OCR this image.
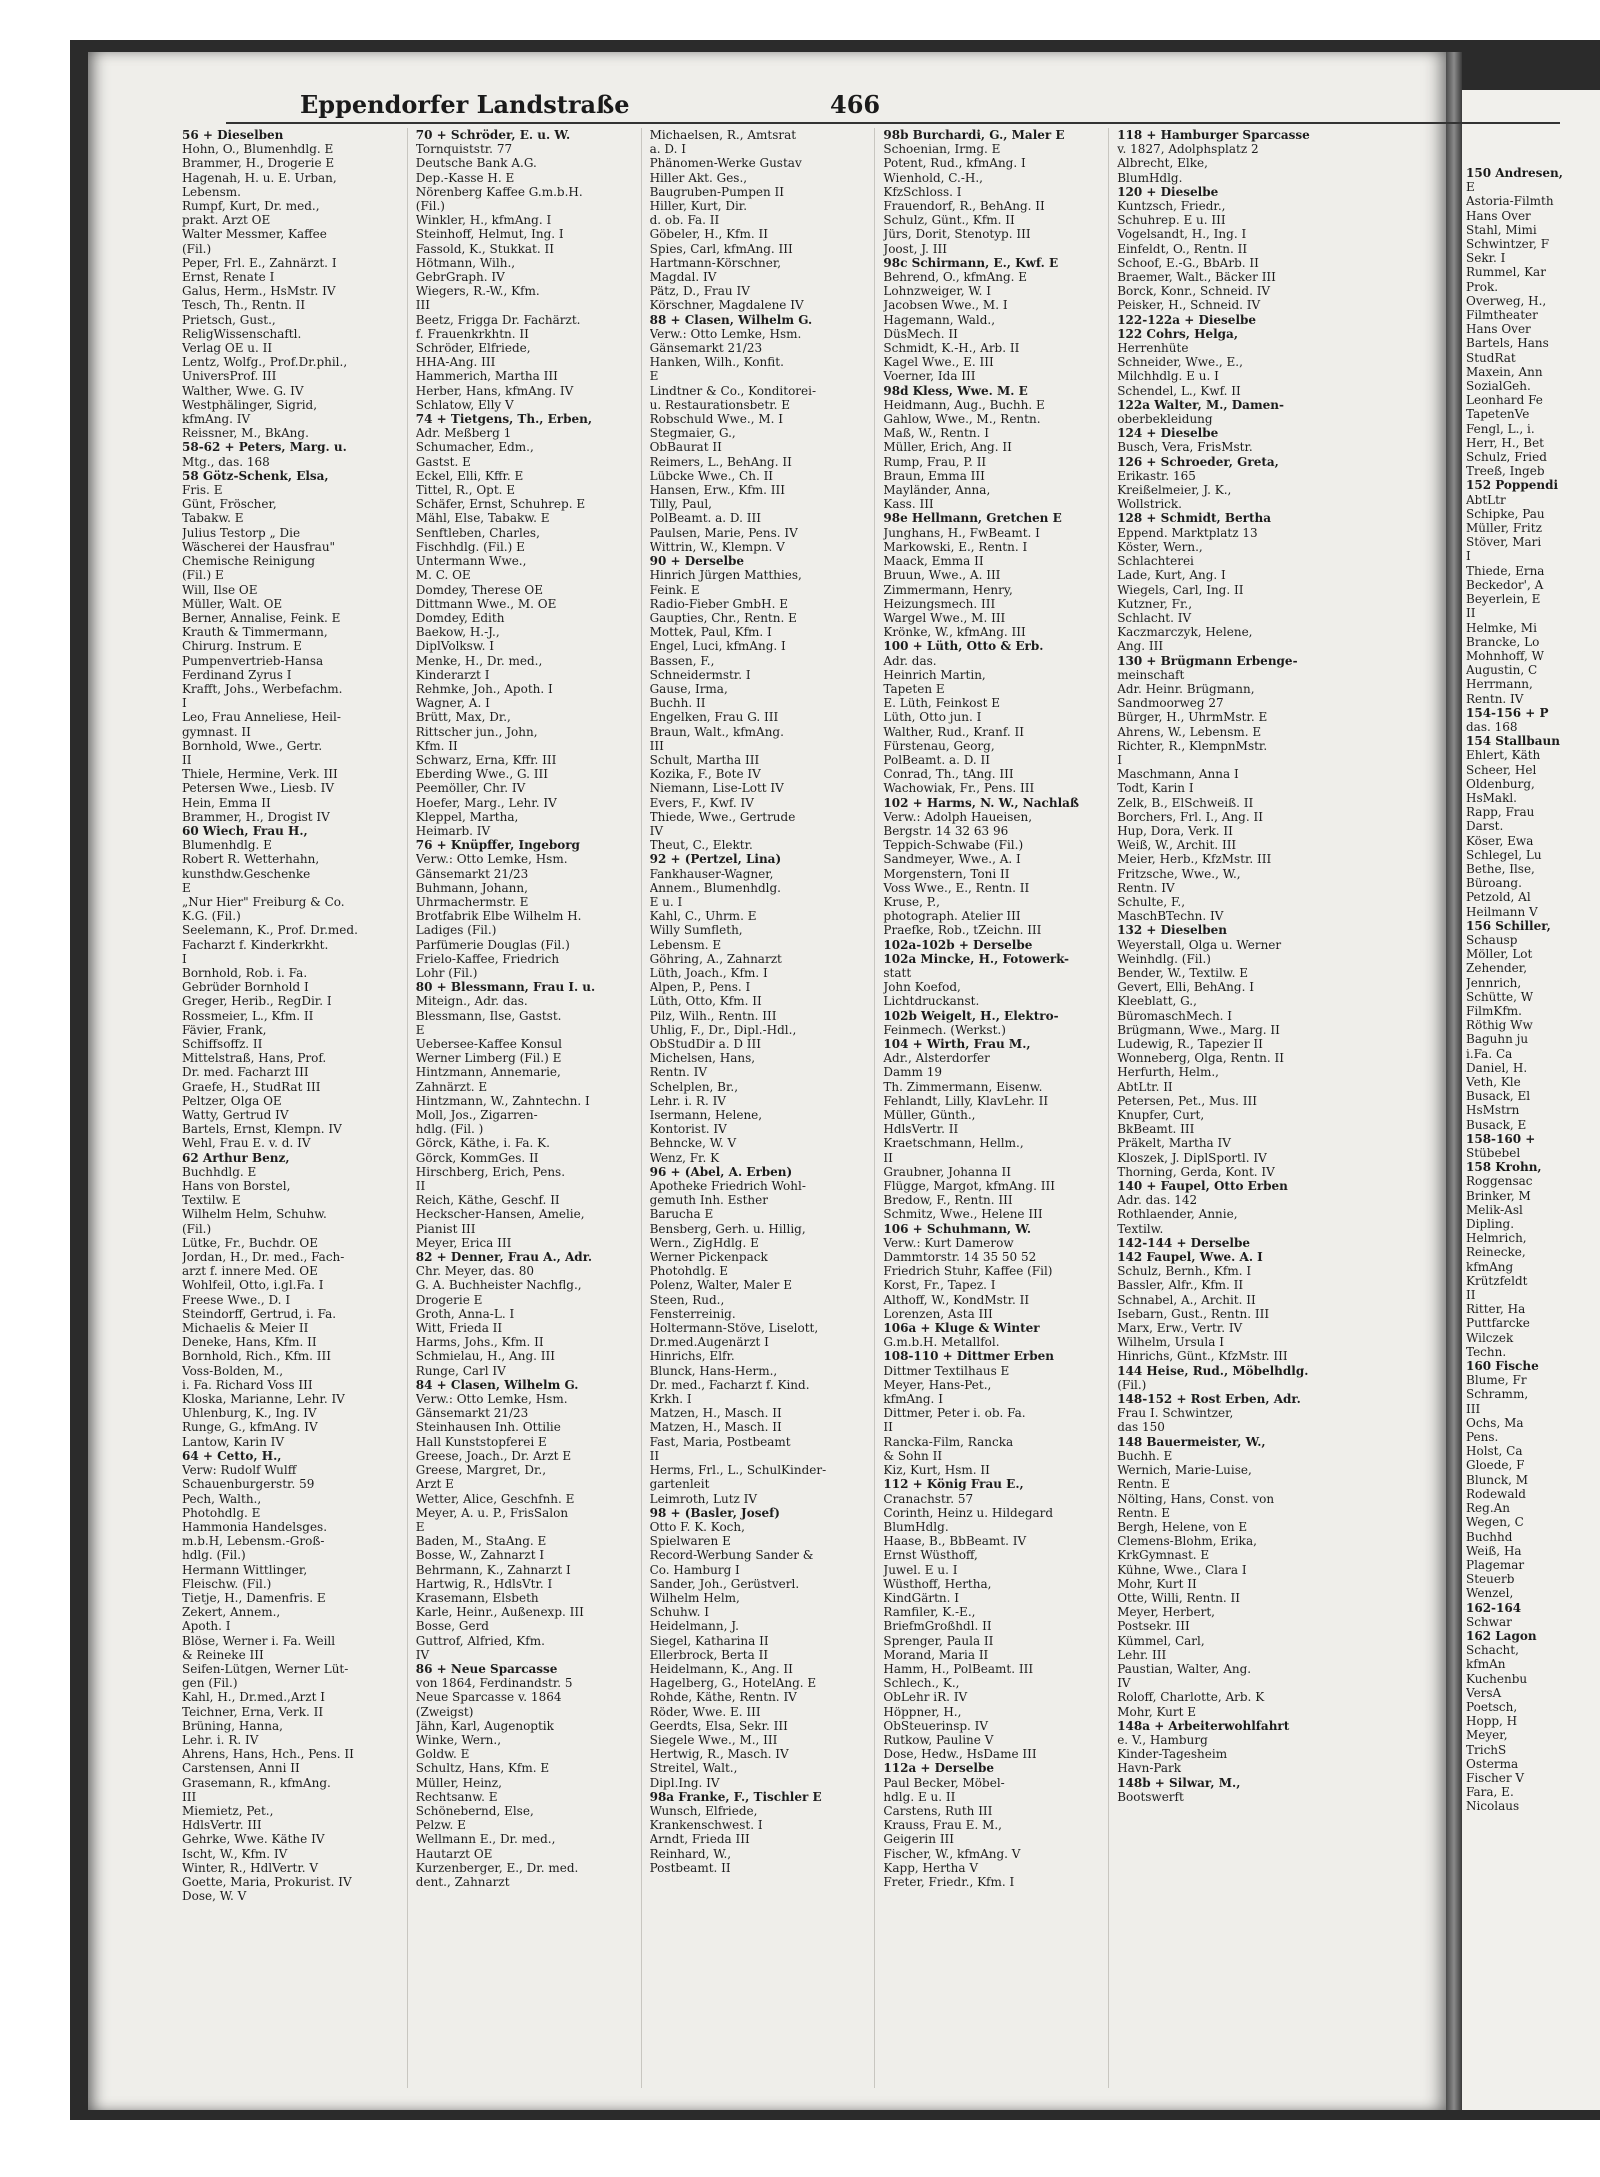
150 Andresen,
E
Astoria-Filmth
Hans Over
Stahl, Mimi
Schwintzer, F
Sekr. I
Rummel, Kar
Prok.
Overweg, H.,
Filmtheater
Hans Over
Bartels, Hans
StudRat
Maxein, Ann
SozialGeh.
Leonhard Fe
TapetenVe
Fengl, L., i.
Herr, H., Bet
Schulz, Fried
Treeß, Ingeb
152 Poppendi
AbtLtr
Schipke, Pau
Müller, Fritz
Stöver, Mari
I
Thiede, Erna
Beckedor', A
Beyerlein, E
II
Helmke, Mi
Brancke, Lo
Mohnhoff, W
Augustin, C
Herrmann,
Rentn. IV
154-156 + P
das. 168
154 Stallbaun
Ehlert, Käth
Scheer, Hel
Oldenburg,
HsMakl.
Rapp, Frau
Darst.
Köser, Ewa
Schlegel, Lu
Bethe, Ilse,
Büroang.
Petzold, Al
Heilmann V
156 Schiller,
Schausp
Möller, Lot
Zehender,
Jennrich,
Schütte, W
FilmKfm.
Röthig Ww
Baguhn ju
i.Fa. Ca
Daniel, H.
Veth, Kle
Busack, El
HsMstrn
Busack, E
158-160 +
Stübebel
158 Krohn,
Roggensac
Brinker, M
Melik-Asl
Dipling.
Helmrich,
Reinecke,
kfmAng
Krützfeldt
II
Ritter, Ha
Puttfarcke
Wilczek
Techn.
160 Fische
Blume, Fr
Schramm,
III
Ochs, Ma
Pens.
Holst, Ca
Gloede, F
Blunck, M
Rodewald
Reg.An
Wegen, C
Buchhd
Weiß, Ha
Plagemar
Steuerb
Wenzel,
162-164
Schwar
162 Lagon
Schacht,
kfmAn
Kuchenbu
VersA
Poetsch,
Hopp, H
Meyer,
TrichS
Osterma
Fischer V
Fara, E.
Nicolaus
Eppendorfer Landstraße	466
56 + Dieselben
Hohn, O., Blumenhdlg. E
Brammer, H., Drogerie E
Hagenah, H. u. E. Urban,
Lebensm.
Rumpf, Kurt, Dr. med.,
prakt. Arzt OE
Walter Messmer, Kaffee
(Fil.)
Peper, Frl. E., Zahnärzt. I
Ernst, Renate I
Galus, Herm., HsMstr. IV
Tesch, Th., Rentn. II
Prietsch, Gust.,
ReligWissenschaftl.
Verlag OE u. II
Lentz, Wolfg., Prof.Dr.phil.,
UniversProf. III
Walther, Wwe. G. IV
Westphälinger, Sigrid,
kfmAng. IV
Reissner, M., BkAng.
58-62 + Peters, Marg. u.
Mtg., das. 168
58 Götz-Schenk, Elsa,
Fris. E
Günt, Fröscher,
Tabakw. E
Julius Testorp „ Die
Wäscherei der Hausfrau"
Chemische Reinigung
(Fil.) E
Will, Ilse OE
Müller, Walt. OE
Berner, Annalise, Feink. E
Krauth & Timmermann,
Chirurg. Instrum. E
Pumpenvertrieb-Hansa
Ferdinand Zyrus I
Krafft, Johs., Werbefachm.
I
Leo, Frau Anneliese, Heil-
gymnast. II
Bornhold, Wwe., Gertr.
II
Thiele, Hermine, Verk. III
Petersen Wwe., Liesb. IV
Hein, Emma II
Brammer, H., Drogist IV
60 Wiech, Frau H.,
Blumenhdlg. E
Robert R. Wetterhahn,
kunsthdw.Geschenke
E
„Nur Hier" Freiburg & Co.
K.G. (Fil.)
Seelemann, K., Prof. Dr.med.
Facharzt f. Kinderkrkht.
I
Bornhold, Rob. i. Fa.
Gebrüder Bornhold I
Greger, Herib., RegDir. I
Rossmeier, L., Kfm. II
Fävier, Frank,
Schiffsoffz. II
Mittelstraß, Hans, Prof.
Dr. med. Facharzt III
Graefe, H., StudRat III
Peltzer, Olga OE
Watty, Gertrud IV
Bartels, Ernst, Klempn. IV
Wehl, Frau E. v. d. IV
62 Arthur Benz,
Buchhdlg. E
Hans von Borstel,
Textilw. E
Wilhelm Helm, Schuhw.
(Fil.)
Lütke, Fr., Buchdr. OE
Jordan, H., Dr. med., Fach-
arzt f. innere Med. OE
Wohlfeil, Otto, i.gl.Fa. I
Freese Wwe., D. I
Steindorff, Gertrud, i. Fa.
Michaelis & Meier II
Deneke, Hans, Kfm. II
Bornhold, Rich., Kfm. III
Voss-Bolden, M.,
i. Fa. Richard Voss III
Kloska, Marianne, Lehr. IV
Uhlenburg, K., Ing. IV
Runge, G., kfmAng. IV
Lantow, Karin IV
64 + Cetto, H.,
Verw: Rudolf Wulff
Schauenburgerstr. 59
Pech, Walth.,
Photohdlg. E
Hammonia Handelsges.
m.b.H, Lebensm.-Groß-
hdlg. (Fil.)
Hermann Wittlinger,
Fleischw. (Fil.)
Tietje, H., Damenfris. E
Zekert, Annem.,
Apoth. I
Blöse, Werner i. Fa. Weill
& Reineke III
Seifen-Lütgen, Werner Lüt-
gen (Fil.)
Kahl, H., Dr.med.,Arzt I
Teichner, Erna, Verk. II
Brüning, Hanna,
Lehr. i. R. IV
Ahrens, Hans, Hch., Pens. II
Carstensen, Anni II
Grasemann, R., kfmAng.
III
Miemietz, Pet.,
HdlsVertr. III
Gehrke, Wwe. Käthe IV
Ischt, W., Kfm. IV
Winter, R., HdlVertr. V
Goette, Maria, Prokurist. IV
Dose, W. V
70 + Schröder, E. u. W.
Tornquiststr. 77
Deutsche Bank A.G.
Dep.-Kasse H. E
Nörenberg Kaffee G.m.b.H.
(Fil.)
Winkler, H., kfmAng. I
Steinhoff, Helmut, Ing. I
Fassold, K., Stukkat. II
Hötmann, Wilh.,
GebrGraph. IV
Wiegers, R.-W., Kfm.
III
Beetz, Frigga Dr. Fachärzt.
f. Frauenkrkhtn. II
Schröder, Elfriede,
HHA-Ang. III
Hammerich, Martha III
Herber, Hans, kfmAng. IV
Schlatow, Elly V
74 + Tietgens, Th., Erben,
Adr. Meßberg 1
Schumacher, Edm.,
Gastst. E
Eckel, Elli, Kffr. E
Tittel, R., Opt. E
Schäfer, Ernst, Schuhrep. E
Mähl, Else, Tabakw. E
Senftleben, Charles,
Fischhdlg. (Fil.) E
Untermann Wwe.,
M. C. OE
Domdey, Therese OE
Dittmann Wwe., M. OE
Domdey, Edith
Baekow, H.-J.,
DiplVolksw. I
Menke, H., Dr. med.,
Kinderarzt I
Rehmke, Joh., Apoth. I
Wagner, A. I
Brütt, Max, Dr.,
Rittscher jun., John,
Kfm. II
Schwarz, Erna, Kffr. III
Eberding Wwe., G. III
Peemöller, Chr. IV
Hoefer, Marg., Lehr. IV
Kleppel, Martha,
Heimarb. IV
76 + Knüpffer, Ingeborg
Verw.: Otto Lemke, Hsm.
Gänsemarkt 21/23
Buhmann, Johann,
Uhrmachermstr. E
Brotfabrik Elbe Wilhelm H.
Ladiges (Fil.)
Parfümerie Douglas (Fil.)
Frielo-Kaffee, Friedrich
Lohr (Fil.)
80 + Blessmann, Frau I. u.
Miteign., Adr. das.
Blessmann, Ilse, Gastst.
E
Uebersee-Kaffee Konsul
Werner Limberg (Fil.) E
Hintzmann, Annemarie,
Zahnärzt. E
Hintzmann, W., Zahntechn. I
Moll, Jos., Zigarren-
hdlg. (Fil. )
Görck, Käthe, i. Fa. K.
Görck, KommGes. II
Hirschberg, Erich, Pens.
II
Reich, Käthe, Geschf. II
Heckscher-Hansen, Amelie,
Pianist III
Meyer, Erica III
82 + Denner, Frau A., Adr.
Chr. Meyer, das. 80
G. A. Buchheister Nachflg.,
Drogerie E
Groth, Anna-L. I
Witt, Frieda II
Harms, Johs., Kfm. II
Schmielau, H., Ang. III
Runge, Carl IV
84 + Clasen, Wilhelm G.
Verw.: Otto Lemke, Hsm.
Gänsemarkt 21/23
Steinhausen Inh. Ottilie
Hall Kunststopferei E
Greese, Joach., Dr. Arzt E
Greese, Margret, Dr.,
Arzt E
Wetter, Alice, Geschfnh. E
Meyer, A. u. P., FrisSalon
E
Baden, M., StaAng. E
Bosse, W., Zahnarzt I
Behrmann, K., Zahnarzt I
Hartwig, R., HdlsVtr. I
Krasemann, Elsbeth
Karle, Heinr., Außenexp. III
Bosse, Gerd
Guttrof, Alfried, Kfm.
IV
86 + Neue Sparcasse
von 1864, Ferdinandstr. 5
Neue Sparcasse v. 1864
(Zweigst)
Jähn, Karl, Augenoptik
Winke, Wern.,
Goldw. E
Schultz, Hans, Kfm. E
Müller, Heinz,
Rechtsanw. E
Schönebernd, Else,
Pelzw. E
Wellmann E., Dr. med.,
Hautarzt OE
Kurzenberger, E., Dr. med.
dent., Zahnarzt
Michaelsen, R., Amtsrat
a. D. I
Phänomen-Werke Gustav
Hiller Akt. Ges.,
Baugruben-Pumpen II
Hiller, Kurt, Dir.
d. ob. Fa. II
Göbeler, H., Kfm. II
Spies, Carl, kfmAng. III
Hartmann-Körschner,
Magdal. IV
Pätz, D., Frau IV
Körschner, Magdalene IV
88 + Clasen, Wilhelm G.
Verw.: Otto Lemke, Hsm.
Gänsemarkt 21/23
Hanken, Wilh., Konfit.
E
Lindtner & Co., Konditorei-
u. Restaurationsbetr. E
Robschuld Wwe., M. I
Stegmaier, G.,
ObBaurat II
Reimers, L., BehAng. II
Lübcke Wwe., Ch. II
Hansen, Erw., Kfm. III
Tilly, Paul,
PolBeamt. a. D. III
Paulsen, Marie, Pens. IV
Wittrin, W., Klempn. V
90 + Derselbe
Hinrich Jürgen Matthies,
Feink. E
Radio-Fieber GmbH. E
Gaupties, Chr., Rentn. E
Mottek, Paul, Kfm. I
Engel, Luci, kfmAng. I
Bassen, F.,
Schneidermstr. I
Gause, Irma,
Buchh. II
Engelken, Frau G. III
Braun, Walt., kfmAng.
III
Schult, Martha III
Kozika, F., Bote IV
Niemann, Lise-Lott IV
Evers, F., Kwf. IV
Thiede, Wwe., Gertrude
IV
Theut, C., Elektr.
92 + (Pertzel, Lina)
Fankhauser-Wagner,
Annem., Blumenhdlg.
E u. I
Kahl, C., Uhrm. E
Willy Sumfleth,
Lebensm. E
Göhring, A., Zahnarzt
Lüth, Joach., Kfm. I
Alpen, P., Pens. I
Lüth, Otto, Kfm. II
Pilz, Wilh., Rentn. III
Uhlig, F., Dr., Dipl.-Hdl.,
ObStudDir a. D III
Michelsen, Hans,
Rentn. IV
Schelplen, Br.,
Lehr. i. R. IV
Isermann, Helene,
Kontorist. IV
Behncke, W. V
Wenz, Fr. K
96 + (Abel, A. Erben)
Apotheke Friedrich Wohl-
gemuth Inh. Esther
Barucha E
Bensberg, Gerh. u. Hillig,
Wern., ZigHdlg. E
Werner Pickenpack
Photohdlg. E
Polenz, Walter, Maler E
Steen, Rud.,
Fensterreinig.
Holtermann-Stöve, Liselott,
Dr.med.Augenärzt I
Hinrichs, Elfr.
Blunck, Hans-Herm.,
Dr. med., Facharzt f. Kind.
Krkh. I
Matzen, H., Masch. II
Matzen, H., Masch. II
Fast, Maria, Postbeamt
II
Herms, Frl., L., SchulKinder-
gartenleit
Leimroth, Lutz IV
98 + (Basler, Josef)
Otto F. K. Koch,
Spielwaren E
Record-Werbung Sander &
Co. Hamburg I
Sander, Joh., Gerüstverl.
Wilhelm Helm,
Schuhw. I
Heidelmann, J.
Siegel, Katharina II
Ellerbrock, Berta II
Heidelmann, K., Ang. II
Hagelberg, G., HotelAng. E
Rohde, Käthe, Rentn. IV
Röder, Wwe. E. III
Geerdts, Elsa, Sekr. III
Siegele Wwe., M., III
Hertwig, R., Masch. IV
Streitel, Walt.,
Dipl.Ing. IV
98a Franke, F., Tischler E
Wunsch, Elfriede,
Krankenschwest. I
Arndt, Frieda III
Reinhard, W.,
Postbeamt. II
98b Burchardi, G., Maler E
Schoenian, Irmg. E
Potent, Rud., kfmAng. I
Wienhold, C.-H.,
KfzSchloss. I
Frauendorf, R., BehAng. II
Schulz, Günt., Kfm. II
Jürs, Dorit, Stenotyp. III
Joost, J. III
98c Schirmann, E., Kwf. E
Behrend, O., kfmAng. E
Lohnzweiger, W. I
Jacobsen Wwe., M. I
Hagemann, Wald.,
DüsMech. II
Schmidt, K.-H., Arb. II
Kagel Wwe., E. III
Voerner, Ida III
98d Kless, Wwe. M. E
Heidmann, Aug., Buchh. E
Gahlow, Wwe., M., Rentn.
Maß, W., Rentn. I
Müller, Erich, Ang. II
Rump, Frau, P. II
Braun, Emma III
Mayländer, Anna,
Kass. III
98e Hellmann, Gretchen E
Junghans, H., FwBeamt. I
Markowski, E., Rentn. I
Maack, Emma II
Bruun, Wwe., A. III
Zimmermann, Henry,
Heizungsmech. III
Wargel Wwe., M. III
Krönke, W., kfmAng. III
100 + Lüth, Otto & Erb.
Adr. das.
Heinrich Martin,
Tapeten E
E. Lüth, Feinkost E
Lüth, Otto jun. I
Walther, Rud., Kranf. II
Fürstenau, Georg,
PolBeamt. a. D. II
Conrad, Th., tAng. III
Wachowiak, Fr., Pens. III
102 + Harms, N. W., Nachlaß
Verw.: Adolph Haueisen,
Bergstr. 14 32 63 96
Teppich-Schwabe (Fil.)
Sandmeyer, Wwe., A. I
Morgenstern, Toni II
Voss Wwe., E., Rentn. II
Kruse, P.,
photograph. Atelier III
Praefke, Rob., tZeichn. III
102a-102b + Derselbe
102a Mincke, H., Fotowerk-
statt
John Koefod,
Lichtdruckanst.
102b Weigelt, H., Elektro-
Feinmech. (Werkst.)
104 + Wirth, Frau M.,
Adr., Alsterdorfer
Damm 19
Th. Zimmermann, Eisenw.
Fehlandt, Lilly, KlavLehr. II
Müller, Günth.,
HdlsVertr. II
Kraetschmann, Hellm.,
II
Graubner, Johanna II
Flügge, Margot, kfmAng. III
Bredow, F., Rentn. III
Schmitz, Wwe., Helene III
106 + Schuhmann, W.
Verw.: Kurt Damerow
Dammtorstr. 14 35 50 52
Friedrich Stuhr, Kaffee (Fil)
Korst, Fr., Tapez. I
Althoff, W., KondMstr. II
Lorenzen, Asta III
106a + Kluge & Winter
G.m.b.H. Metallfol.
108-110 + Dittmer Erben
Dittmer Textilhaus E
Meyer, Hans-Pet.,
kfmAng. I
Dittmer, Peter i. ob. Fa.
II
Rancka-Film, Rancka
& Sohn II
Kiz, Kurt, Hsm. II
112 + König Frau E.,
Cranachstr. 57
Corinth, Heinz u. Hildegard
BlumHdlg.
Haase, B., BbBeamt. IV
Ernst Wüsthoff,
Juwel. E u. I
Wüsthoff, Hertha,
KindGärtn. I
Ramfiler, K.-E.,
BriefmGroßhdl. II
Sprenger, Paula II
Morand, Maria II
Hamm, H., PolBeamt. III
Schlech., K.,
ObLehr iR. IV
Höppner, H.,
ObSteuerinsp. IV
Rutkow, Pauline V
Dose, Hedw., HsDame III
112a + Derselbe
Paul Becker, Möbel-
hdlg. E u. II
Carstens, Ruth III
Krauss, Frau E. M.,
Geigerin III
Fischer, W., kfmAng. V
Kapp, Hertha V
Freter, Friedr., Kfm. I
118 + Hamburger Sparcasse
v. 1827, Adolphsplatz 2
Albrecht, Elke,
BlumHdlg.
120 + Dieselbe
Kuntzsch, Friedr.,
Schuhrep. E u. III
Vogelsandt, H., Ing. I
Einfeldt, O., Rentn. II
Schoof, E.-G., BbArb. II
Braemer, Walt., Bäcker III
Borck, Konr., Schneid. IV
Peisker, H., Schneid. IV
122-122a + Dieselbe
122 Cohrs, Helga,
Herrenhüte
Schneider, Wwe., E.,
Milchhdlg. E u. I
Schendel, L., Kwf. II
122a Walter, M., Damen-
oberbekleidung
124 + Dieselbe
Busch, Vera, FrisMstr.
126 + Schroeder, Greta,
Erikastr. 165
Kreißelmeier, J. K.,
Wollstrick.
128 + Schmidt, Bertha
Eppend. Marktplatz 13
Köster, Wern.,
Schlachterei
Lade, Kurt, Ang. I
Wiegels, Carl, Ing. II
Kutzner, Fr.,
Schlacht. IV
Kaczmarczyk, Helene,
Ang. III
130 + Brügmann Erbenge-
meinschaft
Adr. Heinr. Brügmann,
Sandmoorweg 27
Bürger, H., UhrmMstr. E
Ahrens, W., Lebensm. E
Richter, R., KlempnMstr.
I
Maschmann, Anna I
Todt, Karin I
Zelk, B., ElSchweiß. II
Borchers, Frl. I., Ang. II
Hup, Dora, Verk. II
Weiß, W., Archit. III
Meier, Herb., KfzMstr. III
Fritzsche, Wwe., W.,
Rentn. IV
Schulte, F.,
MaschBTechn. IV
132 + Dieselben
Weyerstall, Olga u. Werner
Weinhdlg. (Fil.)
Bender, W., Textilw. E
Gevert, Elli, BehAng. I
Kleeblatt, G.,
BüromaschMech. I
Brügmann, Wwe., Marg. II
Ludewig, R., Tapezier II
Wonneberg, Olga, Rentn. II
Herfurth, Helm.,
AbtLtr. II
Petersen, Pet., Mus. III
Knupfer, Curt,
BkBeamt. III
Präkelt, Martha IV
Kloszek, J. DiplSportl. IV
Thorning, Gerda, Kont. IV
140 + Faupel, Otto Erben
Adr. das. 142
Rothlaender, Annie,
Textilw.
142-144 + Derselbe
142 Faupel, Wwe. A. I
Schulz, Bernh., Kfm. I
Bassler, Alfr., Kfm. II
Schnabel, A., Archit. II
Isebarn, Gust., Rentn. III
Marx, Erw., Vertr. IV
Wilhelm, Ursula I
Hinrichs, Günt., KfzMstr. III
144 Heise, Rud., Möbelhdlg.
(Fil.)
148-152 + Rost Erben, Adr.
Frau I. Schwintzer,
das 150
148 Bauermeister, W.,
Buchh. E
Wernich, Marie-Luise,
Rentn. E
Nölting, Hans, Const. von
Rentn. E
Bergh, Helene, von E
Clemens-Blohm, Erika,
KrkGymnast. E
Kühne, Wwe., Clara I
Mohr, Kurt II
Otte, Willi, Rentn. II
Meyer, Herbert,
Postsekr. III
Kümmel, Carl,
Lehr. III
Paustian, Walter, Ang.
IV
Roloff, Charlotte, Arb. K
Mohr, Kurt E
148a + Arbeiterwohlfahrt
e. V., Hamburg
Kinder-Tagesheim
Havn-Park
148b + Silwar, M.,
Bootswerft
